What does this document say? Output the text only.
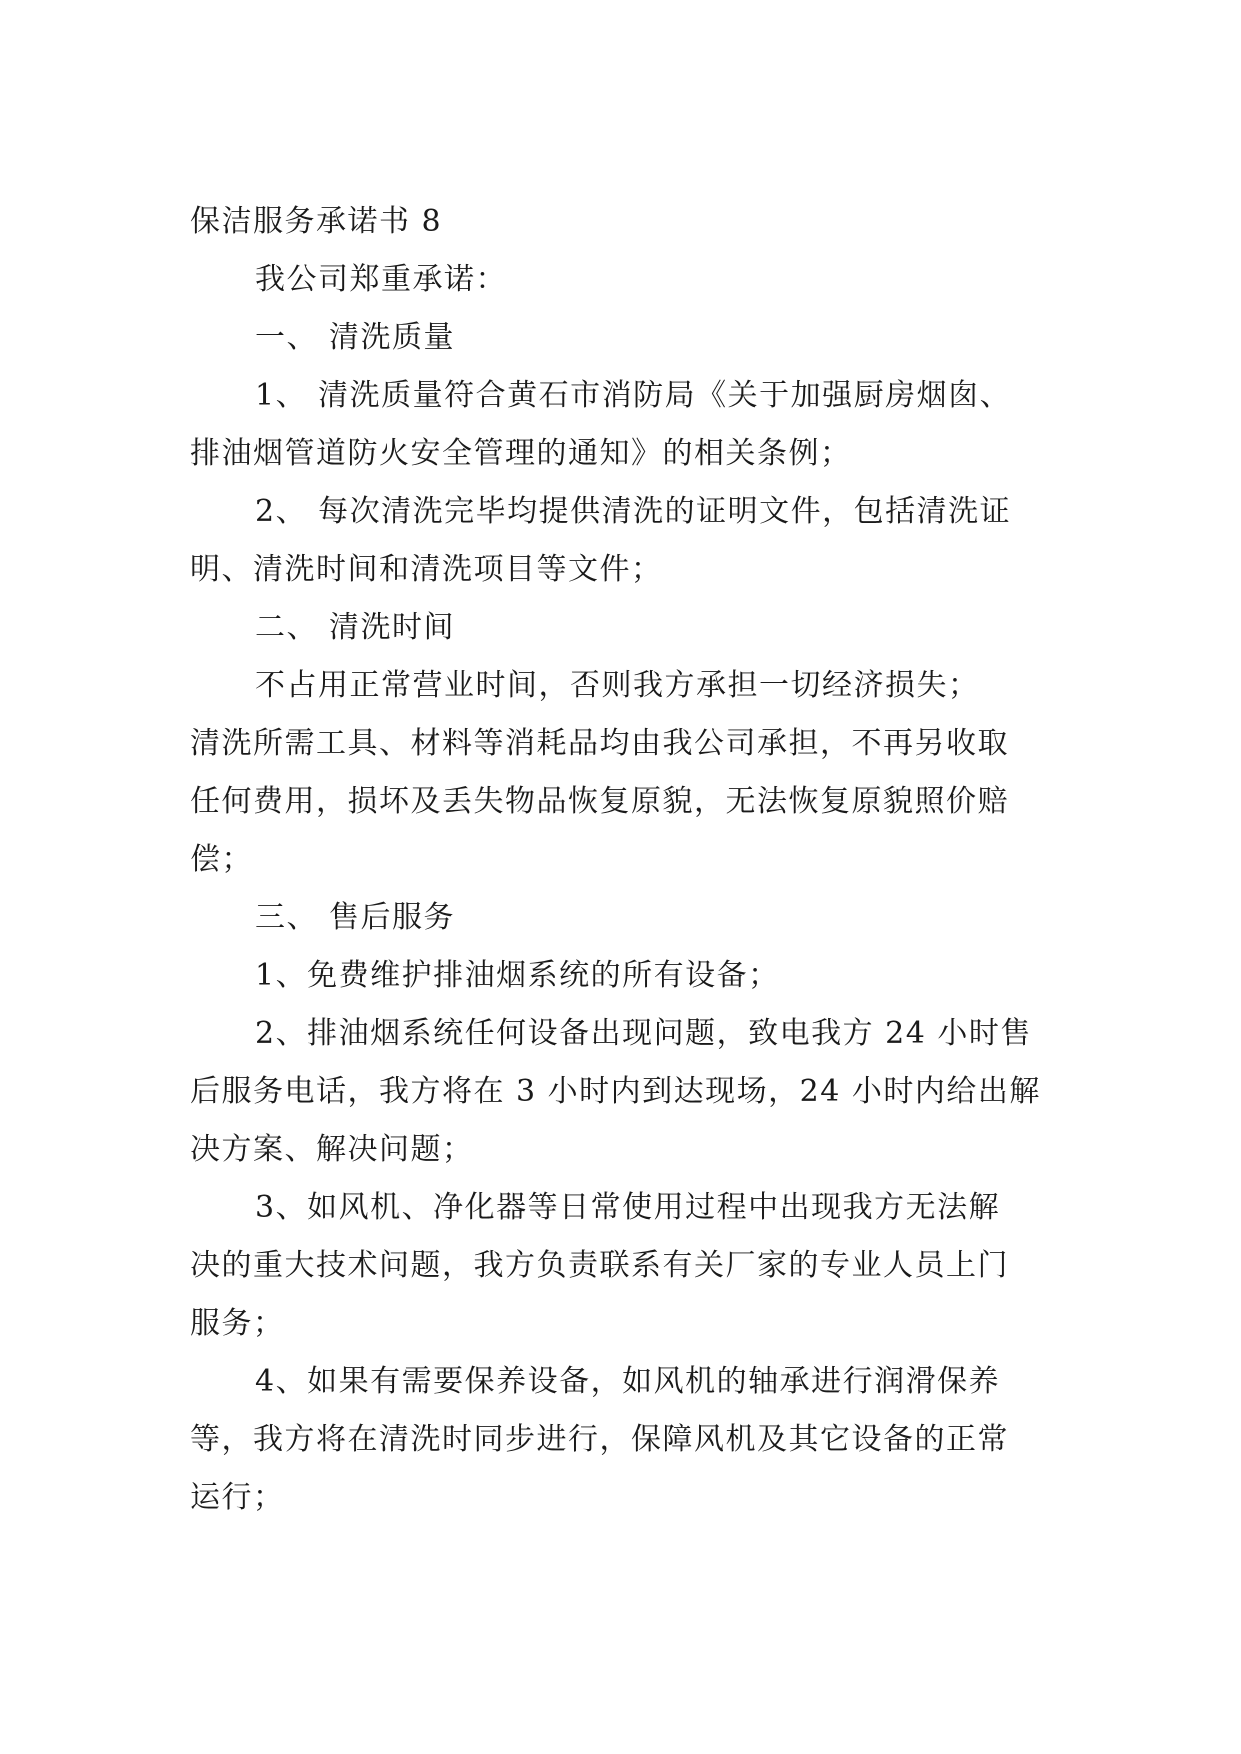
保洁服务承诺书 8

我公司郑重承诺：

一、 清洗质量

1、 清洗质量符合黄石市消防局《关于加强厨房烟囱、

排油烟管道防火安全管理的通知》的相关条例；

2、 每次清洗完毕均提供清洗的证明文件，包括清洗证

明、清洗时间和清洗项目等文件；

二、 清洗时间

不占用正常营业时间，否则我方承担一切经济损失；

清洗所需工具、材料等消耗品均由我公司承担，不再另收取

任何费用，损坏及丢失物品恢复原貌，无法恢复原貌照价赔

偿；

三、 售后服务

1、免费维护排油烟系统的所有设备；

2、排油烟系统任何设备出现问题，致电我方 24 小时售

后服务电话，我方将在 3 小时内到达现场，24 小时内给出解

决方案、解决问题；

3、如风机、净化器等日常使用过程中出现我方无法解

决的重大技术问题，我方负责联系有关厂家的专业人员上门

服务；

4、如果有需要保养设备，如风机的轴承进行润滑保养

等，我方将在清洗时同步进行，保障风机及其它设备的正常

运行；
